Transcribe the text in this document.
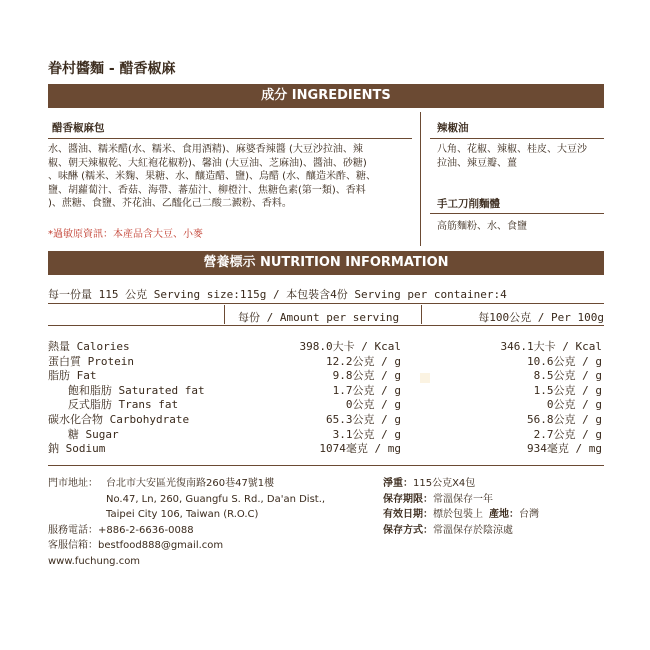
眷村醬麵 - 醋香椒麻
成分 INGREDIENTS
醋香椒麻包
水、醬油、糯米醋(水、糯米、食用酒精)、麻婆香辣醬 (大豆沙拉油、辣
椒、朝天辣椒乾、大紅袍花椒粉)、馨油 (大豆油、芝麻油)、醬油、砂糖)
、味醂 (糯米、米麴、果糖、水、釀造醋、鹽)、烏醋 (水、釀造米酢、糖、
鹽、胡蘿蔔汁、香菇、海帶、蕃茄汁、柳橙汁、焦糖色素(第一類)、香料
)、蔗糖、食鹽、芥花油、乙醯化己二酸二澱粉、香料。
*過敏原資訊：本產品含大豆、小麥
辣椒油
八角、花椒、辣椒、桂皮、大豆沙
拉油、辣豆瓣、薑
手工刀削麵體
高筋麵粉、水、食鹽
營養標示 NUTRITION INFORMATION
每一份量 115 公克 Serving size:115g / 本包裝含4份 Serving per container:4
每份 / Amount per serving	每100公克 / Per 100g
熱量 Calories	398.0大卡 / Kcal	346.1大卡 / Kcal
蛋白質 Protein	12.2公克 / g	10.6公克 / g
脂肪 Fat	9.8公克 / g	8.5公克 / g
飽和脂肪 Saturated fat	1.7公克 / g	1.5公克 / g
反式脂肪 Trans fat	0公克 / g	0公克 / g
碳水化合物 Carbohydrate	65.3公克 / g	56.8公克 / g
糖 Sugar	3.1公克 / g	2.7公克 / g
鈉 Sodium	1074毫克 / mg	934毫克 / mg
門市地址： 台北市大安區光復南路260巷47號1樓
No.47, Ln, 260, Guangfu S. Rd., Da'an Dist.,
Taipei City 106, Taiwan (R.O.C)
服務電話：+886-2-6636-0088
客服信箱：bestfood888@gmail.com
www.fuchung.com
淨重：115公克X4包
保存期限：常溫保存一年
有效日期：標於包裝上 產地：台灣
保存方式：常溫保存於陰涼處
